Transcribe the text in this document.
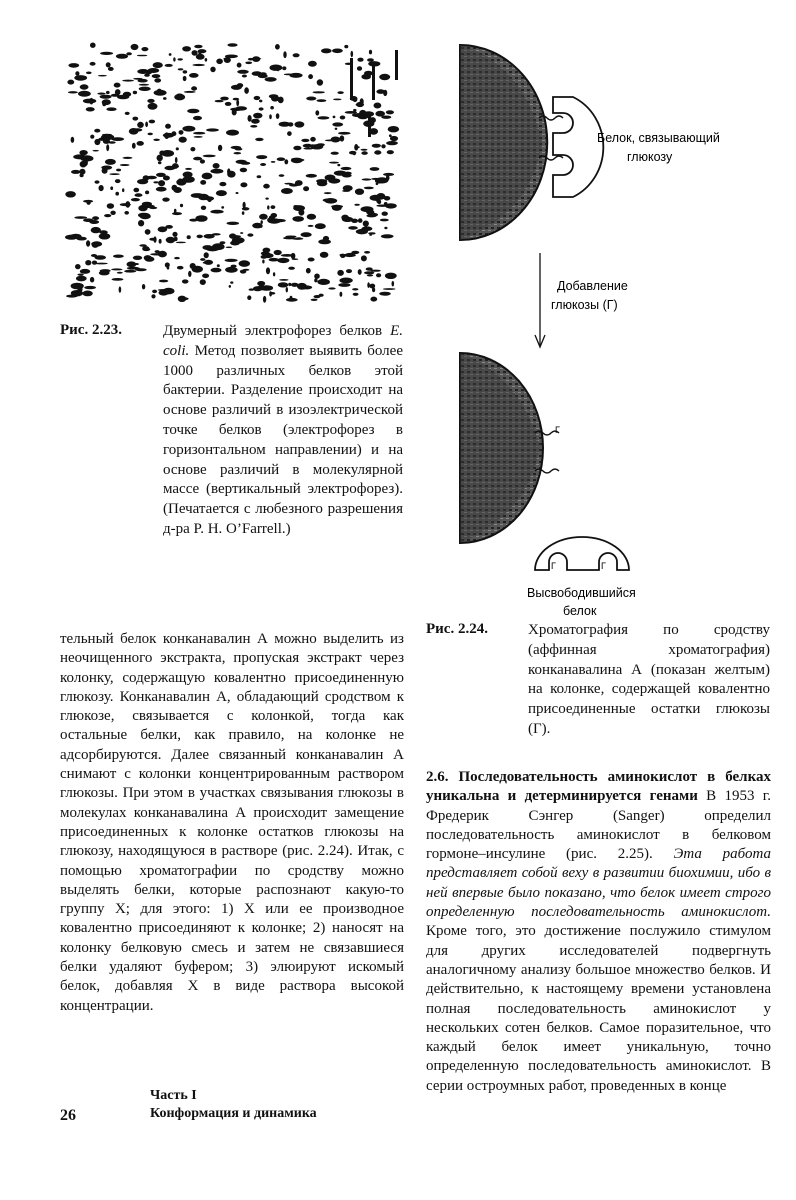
Белок, связывающий
глюкозу
Добавление
глюкозы (Г)
Г
Г	Г
Высвободившийся
белок
Рис. 2.23.	Двумерный электрофорез белков E. coli. Метод позволяет выявить более 1000 различных белков этой бактерии. Разделение происходит на основе различий в изоэлектрической точке белков (электрофорез в горизонтальном направлении) и на основе различий в молекулярной массе (вертикальный электрофорез). (Печатается с любезного разрешения д-ра P. H. O’Farrell.)
Рис. 2.24.	Хроматография по сродству (аффинная хроматография) конканавалина А (показан желтым) на колонке, содержащей ковалентно присоединенные остатки глюкозы (Г).
тельный белок конканавалин А можно выделить из неочищенного экстракта, пропуская экстракт через колонку, содержащую ковалентно присоединенную глюкозу. Конканавалин А, обладающий сродством к глюкозе, связывается с колонкой, тогда как остальные белки, как правило, на колонке не адсорбируются. Далее связанный конканавалин А снимают с колонки концентрированным раствором глюкозы. При этом в участках связывания глюкозы в молекулах конканавалина А происходит замещение присоединенных к колонке остатков глюкозы на глюкозу, находящуюся в растворе (рис. 2.24). Итак, с помощью хроматографии по сродству можно выделять белки, которые распознают какую-то группу X; для этого: 1) X или ее производное ковалентно присоединяют к колонке; 2) наносят на колонку белковую смесь и затем не связавшиеся белки удаляют буфером; 3) элюируют искомый белок, добавляя X в виде раствора высокой концентрации.
2.6. Последовательность аминокислот в белках уникальна и детерминируется генами В 1953 г. Фредерик Сэнгер (Sanger) определил последовательность аминокислот в белковом гормоне–инсулине (рис. 2.25). Эта работа представляет собой веху в развитии биохимии, ибо в ней впервые было показано, что белок имеет строго определенную последовательность аминокислот. Кроме того, это достижение послужило стимулом для других исследователей подвергнуть аналогичному анализу большое множество белков. И действительно, к настоящему времени установлена полная последовательность аминокислот у нескольких сотен белков. Самое поразительное, что каждый белок имеет уникальную, точно определенную последовательность аминокислот. В серии остроумных работ, проведенных в конце
26
Часть I
Конформация и динамика
